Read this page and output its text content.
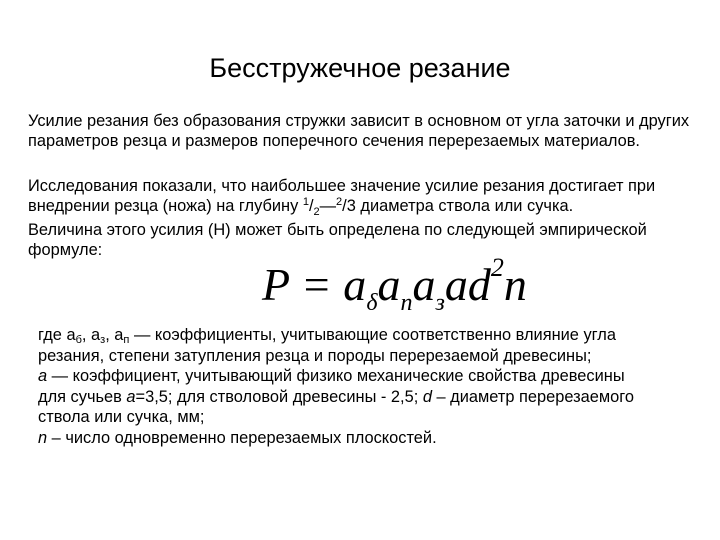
Бесстружечное резание

Усилие резания без образования стружки зависит в основном от угла заточки и других параметров резца и размеров поперечного сечения перерезаемых материалов.

Исследования показали, что наибольшее значение усилие резания достигает при внедрении резца (ножа) на глубину $^1/_2—^2/3$ диаметра ствола или сучка.

Величина этого усилия (Н) может быть определена по следующей эмпирической формуле:

$P = a_\delta a_na_зad^2n$
где $a_б$, $a_з$, $a_п$ — коэффициенты, учитывающие соответственно влияние угла
резания, степени затупления резца и породы перерезаемой древесины;
а — коэффициент, учитывающий физико механические свойства древесины
для сучьев а=3,5; для стволовой древесины - 2,5; d – диаметр перерезаемого
ствола или сучка, мм;
n – число одновременно перерезаемых плоскостей.
